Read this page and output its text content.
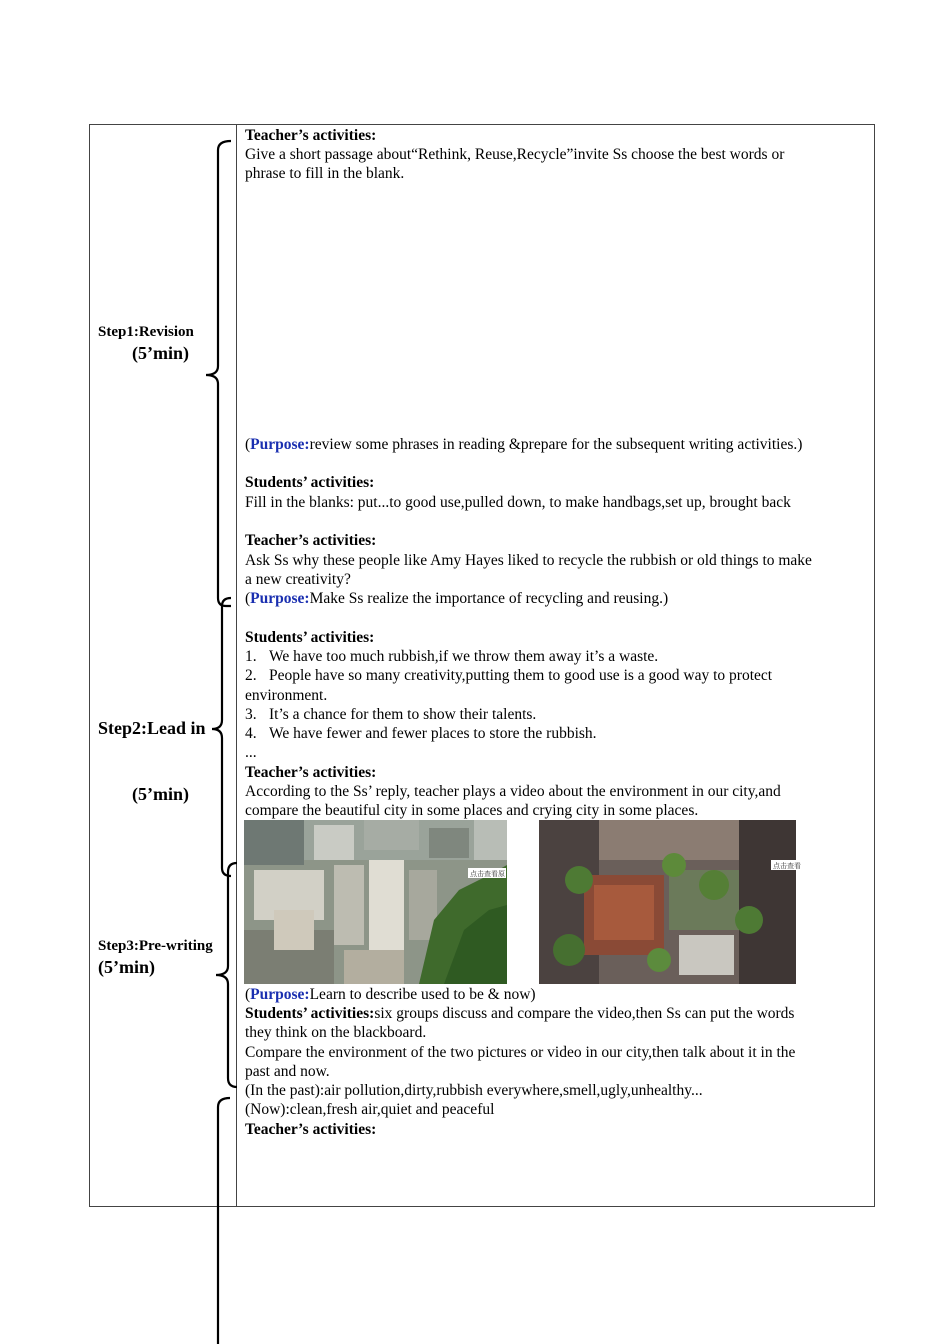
Step1:Revision
(5’min)
Step2:Lead in
(5’min)
Step3:Pre-writing
(5’min)
Teacher’s activities:
Give a short passage about“Rethink, Reuse,Recycle”invite Ss choose the best words or
phrase to fill in the blank.
(Purpose:review some phrases in reading &prepare for the subsequent writing activities.)
Students’ activities:
Fill in the blanks: put...to good use,pulled down, to make handbags,set up, brought back
Teacher’s activities:
Ask Ss why these people like Amy Hayes liked to recycle the rubbish or old things to make
a new creativity?
(Purpose:Make Ss realize the importance of recycling and reusing.)
Students’ activities:
1. We have too much rubbish,if we throw them away it’s a waste.
2. People have so many creativity,putting them to good use is a good way to protect
environment.
3. It’s a chance for them to show their talents.
4. We have fewer and fewer places to store the rubbish.
...
Teacher’s activities:
According to the Ss’ reply, teacher plays a video about the environment in our city,and
compare the beautiful city in some places and crying city in some places.
点击查看原
点击查看
(Purpose:Learn to describe used to be & now)
Students’ activities:six groups discuss and compare the video,then Ss can put the words
they think on the blackboard.
Compare the environment of the two pictures or video in our city,then talk about it in the
past and now.
(In the past):air pollution,dirty,rubbish everywhere,smell,ugly,unhealthy...
(Now):clean,fresh air,quiet and peaceful
Teacher’s activities:
